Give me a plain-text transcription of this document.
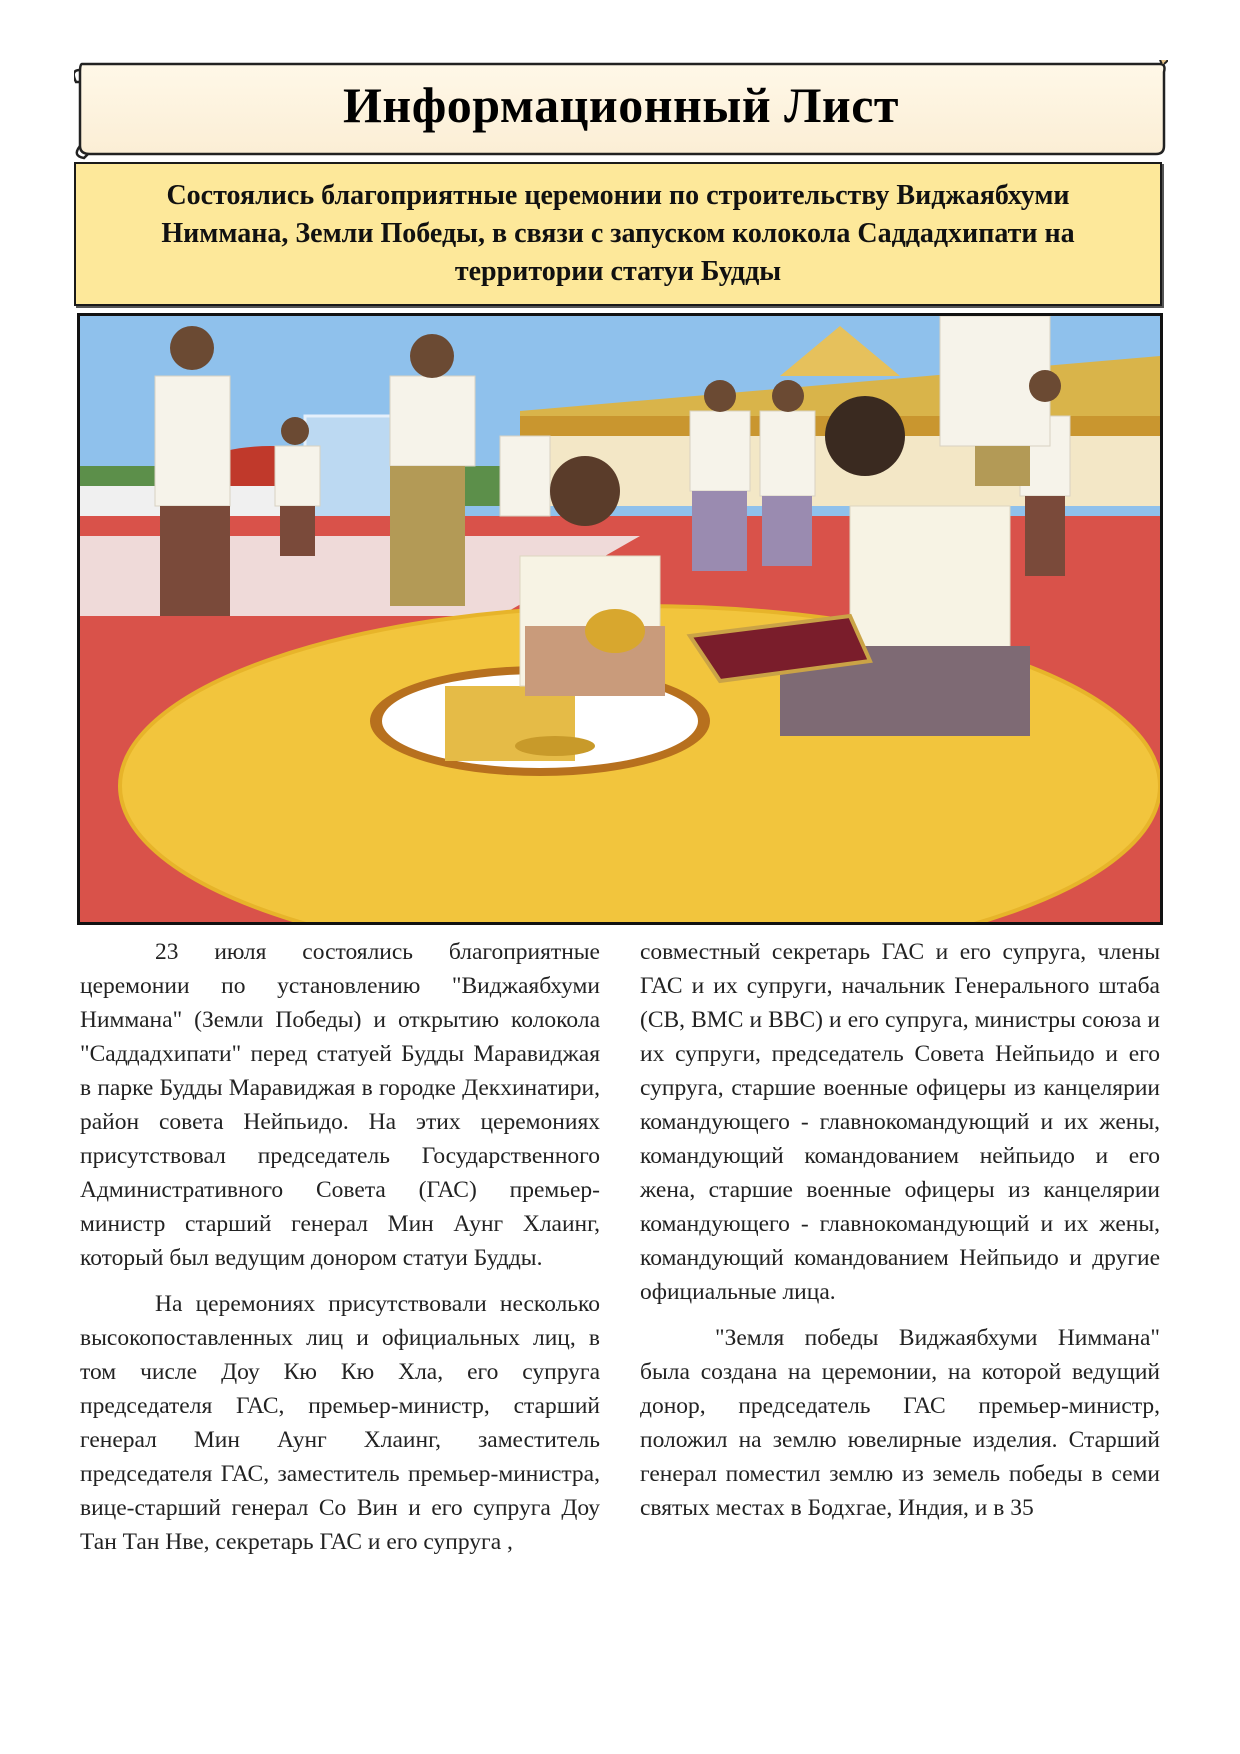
Информационный Лист
Состоялись благоприятные церемонии по строительству Виджаябхуми Ниммана, Земли Победы, в связи с запуском колокола Саддадхипати на территории статуи Будды

23 июля состоялись благоприятные церемонии по установлению "Виджаябхуми Ниммана" (Земли Победы) и открытию колокола "Саддадхипати" перед статуей Будды Маравиджая в парке Будды Маравиджая в городке Декхинатири, район совета Нейпьидо. На этих церемониях присутствовал председатель Государственного Административного Совета (ГАС) премьер-министр старший генерал Мин Аунг Хлаинг, который был ведущим донором статуи Будды.

На церемониях присутствовали несколько высокопоставленных лиц и официальных лиц, в том числе Доу Кю Кю Хла, его супруга председателя ГАС, премьер-министр, старший генерал Мин Аунг Хлаинг, заместитель председателя ГАС, заместитель премьер-министра, вице-старший генерал Со Вин и его супруга Доу Тан Тан Нве, секретарь ГАС и его супруга ,

совместный секретарь ГАС и его супруга, члены ГАС и их супруги, начальник Генерального штаба (СВ, ВМС и ВВС) и его супруга, министры союза и их супруги, председатель Совета Нейпьидо и его супруга, старшие военные офицеры из канцелярии командующего - главнокомандующий и их жены, командующий командованием нейпьидо и его жена, старшие военные офицеры из канцелярии командующего - главнокомандующий и их жены, командующий командованием Нейпьидо и другие официальные лица.

"Земля победы Виджаябхуми Ниммана" была создана на церемонии, на которой ведущий донор, председатель ГАС премьер-министр, положил на землю ювелирные изделия. Старший генерал поместил землю из земель победы в семи святых местах в Бодхгае, Индия, и в 35
